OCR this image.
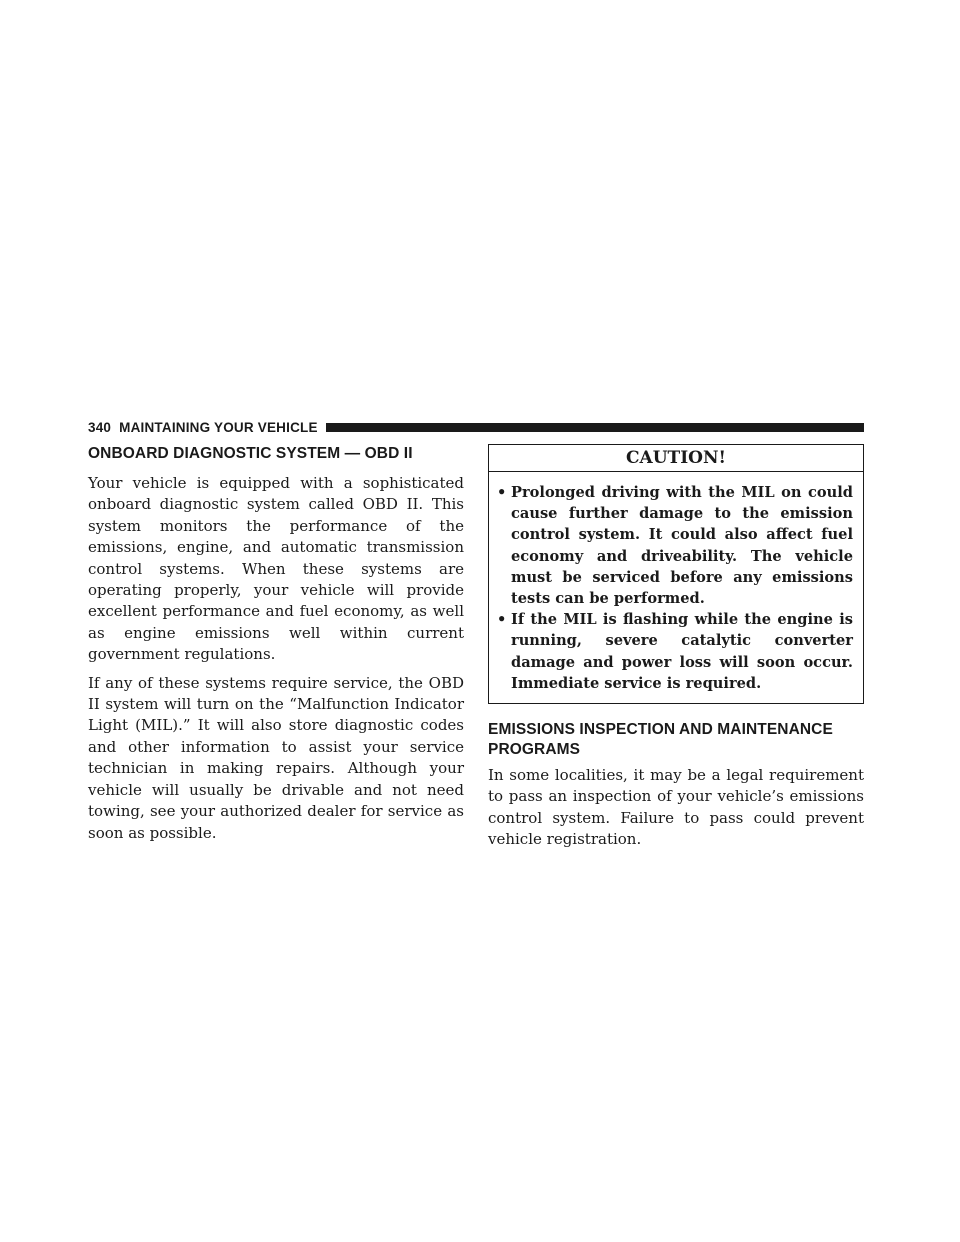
340 MAINTAINING YOUR VEHICLE
ONBOARD DIAGNOSTIC SYSTEM — OBD II

Your vehicle is equipped with a sophisticated onboard diagnostic system called OBD II. This system monitors the performance of the emissions, engine, and automatic transmission control systems. When these systems are operating properly, your vehicle will provide excellent performance and fuel economy, as well as engine emissions well within current government regulations.

If any of these systems require service, the OBD II system will turn on the “Malfunction Indicator Light (MIL).” It will also store diagnostic codes and other information to assist your service technician in making repairs. Although your vehicle will usually be drivable and not need towing, see your authorized dealer for service as soon as possible.

CAUTION!
• Prolonged driving with the MIL on could cause further damage to the emission control system. It could also affect fuel economy and driveability. The vehicle must be serviced before any emissions tests can be performed.
• If the MIL is flashing while the engine is running, severe catalytic converter damage and power loss will soon occur. Immediate service is required.
EMISSIONS INSPECTION AND MAINTENANCE PROGRAMS

In some localities, it may be a legal requirement to pass an inspection of your vehicle’s emissions control system. Failure to pass could prevent vehicle registration.
